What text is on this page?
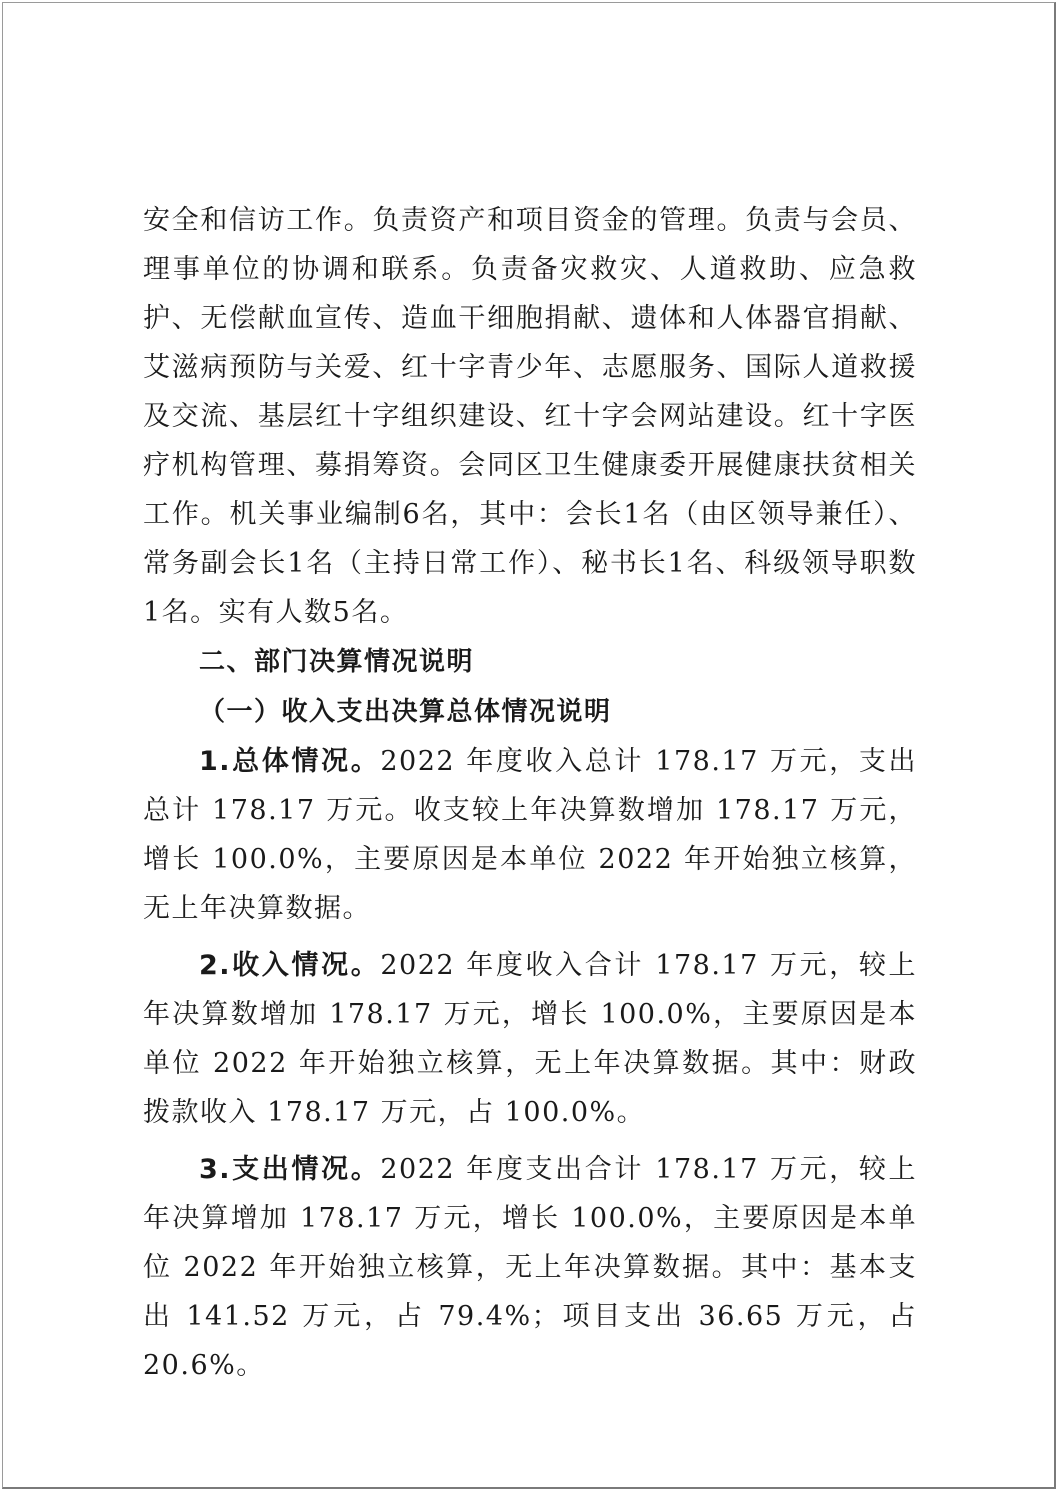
安全和信访工作。负责资产和项目资金的管理。负责与会员、理事单位的协调和联系。负责备灾救灾、人道救助、应急救护、无偿献血宣传、造血干细胞捐献、遗体和人体器官捐献、艾滋病预防与关爱、红十字青少年、志愿服务、国际人道救援及交流、基层红十字组织建设、红十字会网站建设。红十字医疗机构管理、募捐筹资。会同区卫生健康委开展健康扶贫相关工作。机关事业编制6名，其中：会长1名（由区领导兼任）、常务副会长1名（主持日常工作）、秘书长1名、科级领导职数1名。实有人数5名。

二、部门决算情况说明

（一）收入支出决算总体情况说明

1.总体情况。2022 年度收入总计 178.17 万元，支出总计 178.17 万元。收支较上年决算数增加 178.17 万元，增长 100.0%，主要原因是本单位 2022 年开始独立核算，无上年决算数据。

2.收入情况。2022 年度收入合计 178.17 万元，较上年决算数增加 178.17 万元，增长 100.0%，主要原因是本单位 2022 年开始独立核算，无上年决算数据。其中：财政拨款收入 178.17 万元，占 100.0%。

3.支出情况。2022 年度支出合计 178.17 万元，较上年决算增加 178.17 万元，增长 100.0%，主要原因是本单位 2022 年开始独立核算，无上年决算数据。其中：基本支出 141.52 万元，占 79.4%；项目支出 36.65 万元，占 20.6%。
